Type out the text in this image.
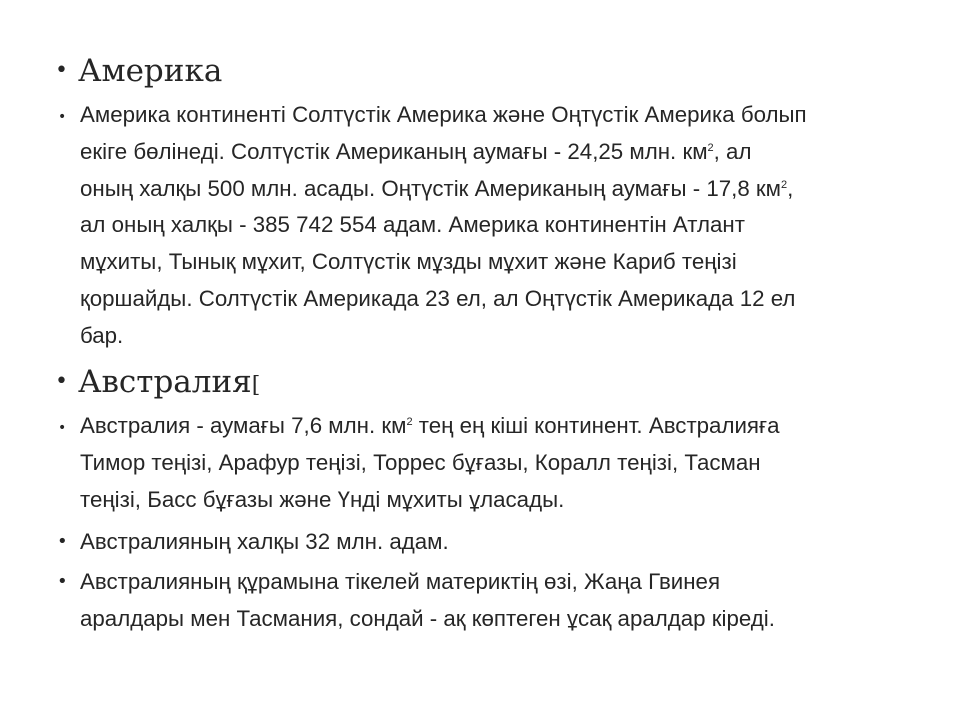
• Америка
• Америка континенті Солтүстік Америка және Оңтүстік Америка болып
екіге бөлінеді. Солтүстік Американың аумағы - 24,25 млн. $км^2$, ал
оның халқы 500 млн. асады. Оңтүстік Американың аумағы - 17,8 $км^2$,
ал оның халқы - 385 742 554 адам. Америка континентін Атлант
мұхиты, Тынық мұхит, Солтүстік мұзды мұхит және Кариб теңізі
қоршайды. Солтүстік Америкада 23 ел, ал Оңтүстік Америкада 12 ел
бар.
• Австралия[
• Австралия - аумағы 7,6 млн. $км^2$ тең ең кіші континент. Австралияға
Тимор теңізі, Арафур теңізі, Торрес бұғазы, Коралл теңізі, Тасман
теңізі, Басс бұғазы және Үнді мұхиты ұласады.
• Австралияның халқы 32 млн. адам.
• Австралияның құрамына тікелей материктің өзі, Жаңа Гвинея
аралдары мен Тасмания, сондай - ақ көптеген ұсақ аралдар кіреді.
